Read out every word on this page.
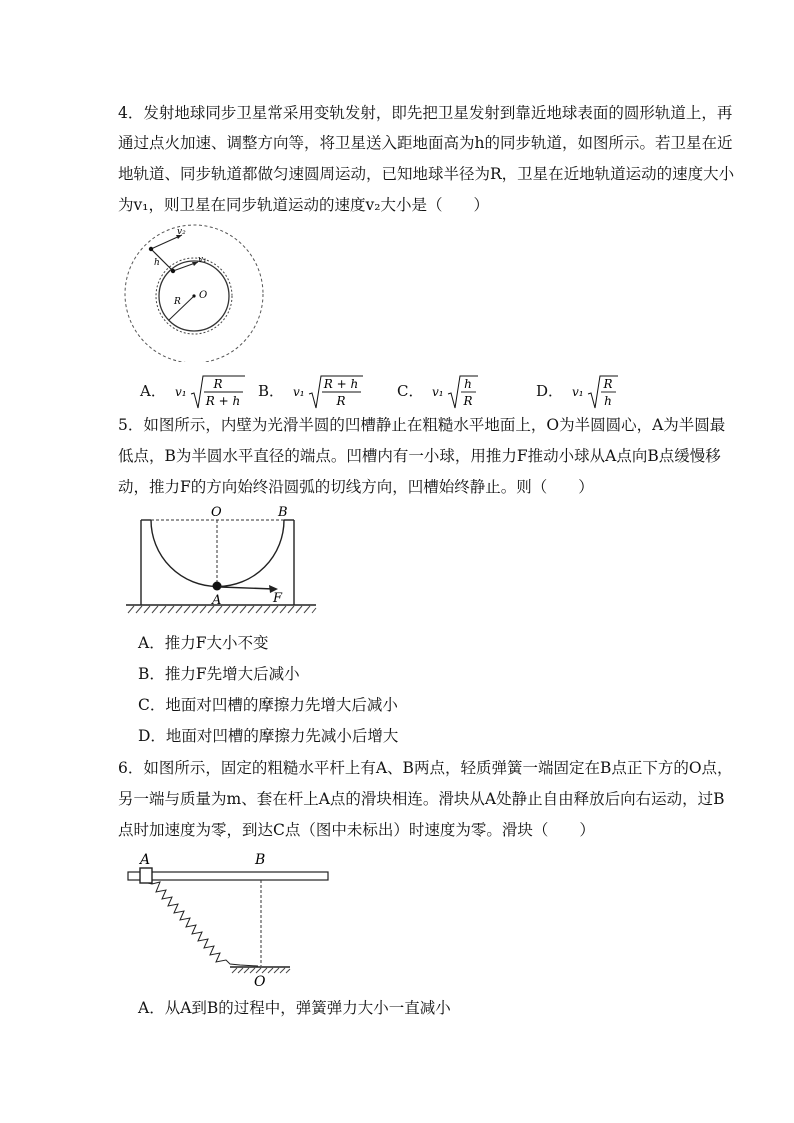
4．发射地球同步卫星常采用变轨发射，即先把卫星发射到靠近地球表面的圆形轨道上，再
通过点火加速、调整方向等，将卫星送入距地面高为h的同步轨道，如图所示。若卫星在近
地轨道、同步轨道都做匀速圆周运动，已知地球半径为R，卫星在近地轨道运动的速度大小
为v₁，则卫星在同步轨道运动的速度v₂大小是（　　）
v₂
v₁
h
R
O
A． v₁
R
R + h
B． v₁
R + h
R
C． v₁
h
R
D． v₁
R
h
5．如图所示，内壁为光滑半圆的凹槽静止在粗糙水平地面上，O为半圆圆心，A为半圆最
低点，B为半圆水平直径的端点。凹槽内有一小球，用推力F推动小球从A点向B点缓慢移
动，推力F的方向始终沿圆弧的切线方向，凹槽始终静止。则（　　）
O	B
A	F
A．推力F大小不变
B．推力F先增大后减小
C．地面对凹槽的摩擦力先增大后减小
D．地面对凹槽的摩擦力先减小后增大
6．如图所示，固定的粗糙水平杆上有A、B两点，轻质弹簧一端固定在B点正下方的O点，
另一端与质量为m、套在杆上A点的滑块相连。滑块从A处静止自由释放后向右运动，过B
点时加速度为零，到达C点（图中未标出）时速度为零。滑块（　　）
A	B
O
A．从A到B的过程中，弹簧弹力大小一直减小
